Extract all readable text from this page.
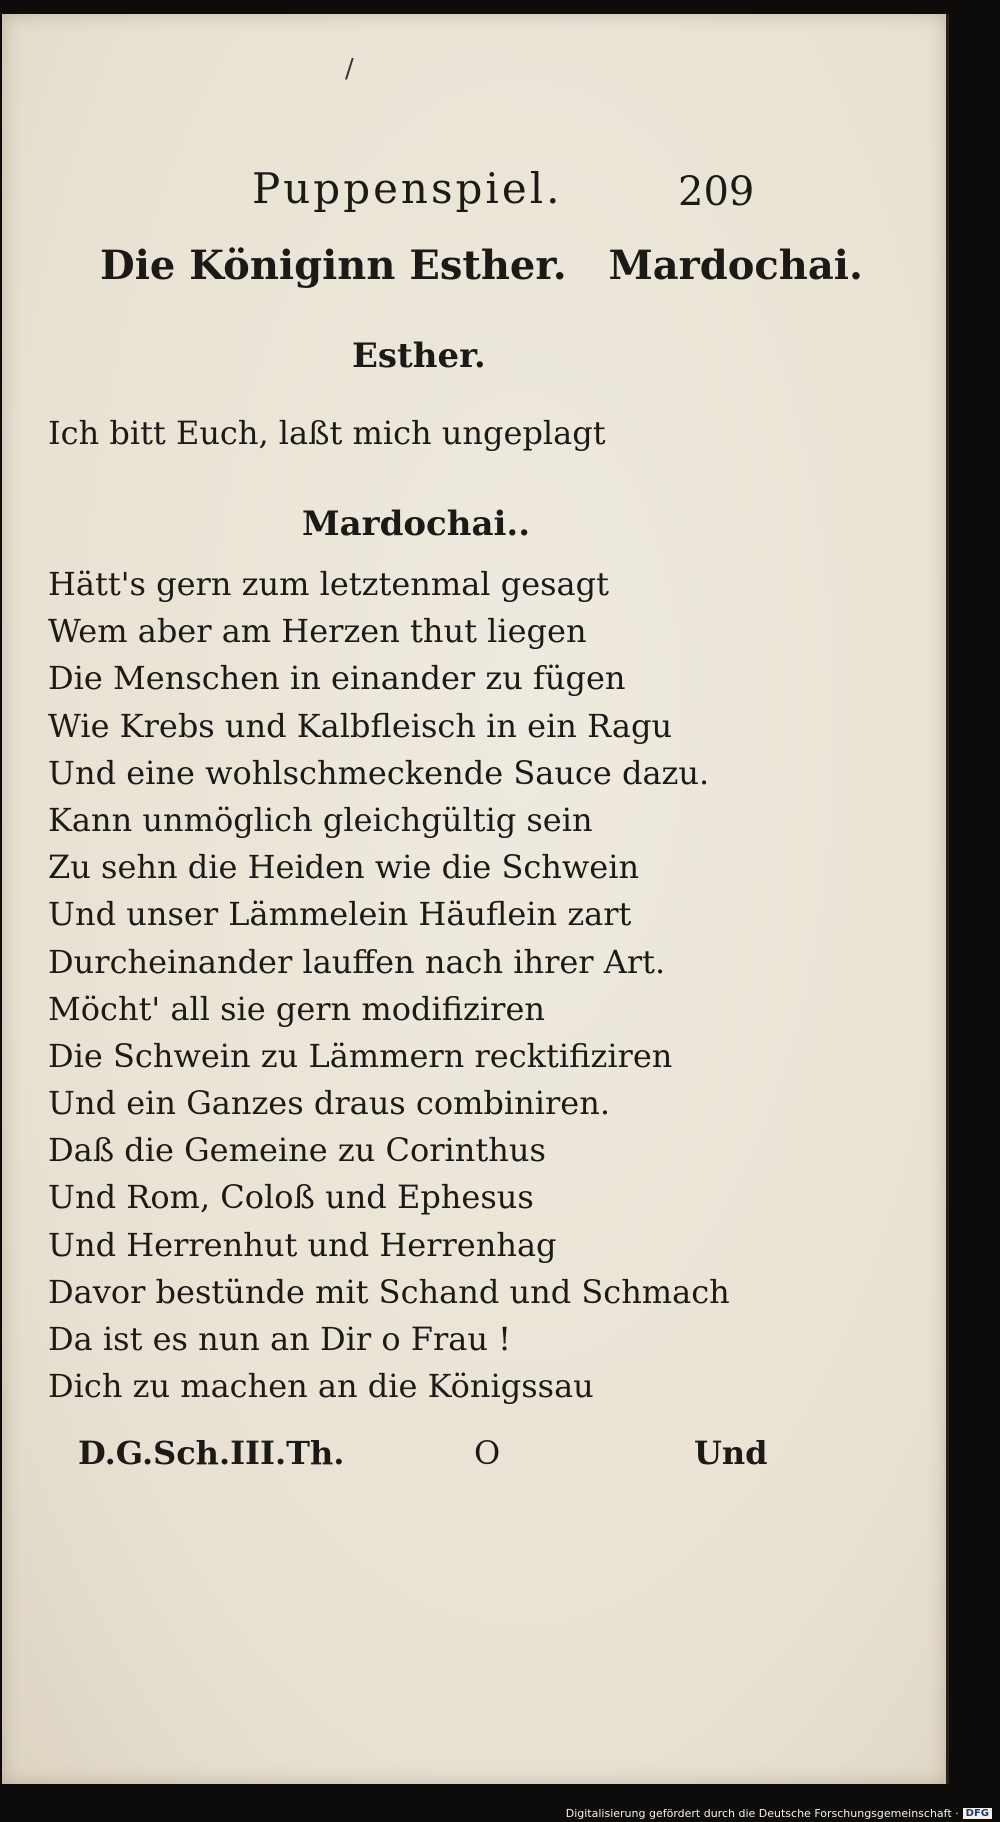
/
Puppenspiel.	209
Die Königinn Esther.   Mardochai.
Esther.
Ich bitt Euch, laßt mich ungeplagt
Mardochai..
Hätt's gern zum letztenmal gesagt
Wem aber am Herzen thut liegen
Die Menschen in einander zu fügen
Wie Krebs und Kalbfleisch in ein Ragu
Und eine wohlschmeckende Sauce dazu.
Kann unmöglich gleichgültig sein
Zu sehn die Heiden wie die Schwein
Und unser Lämmelein Häuflein zart
Durcheinander lauffen nach ihrer Art.
Möcht' all sie gern modifiziren
Die Schwein zu Lämmern recktifiziren
Und ein Ganzes draus combiniren.
Daß die Gemeine zu Corinthus
Und Rom, Coloß und Ephesus
Und Herrenhut und Herrenhag
Davor bestünde mit Schand und Schmach
Da ist es nun an Dir o Frau !
Dich zu machen an die Königssau
D.G.Sch.III.Th.	O	Und
Digitalisierung gefördert durch die Deutsche Forschungsgemeinschaft · DFG
